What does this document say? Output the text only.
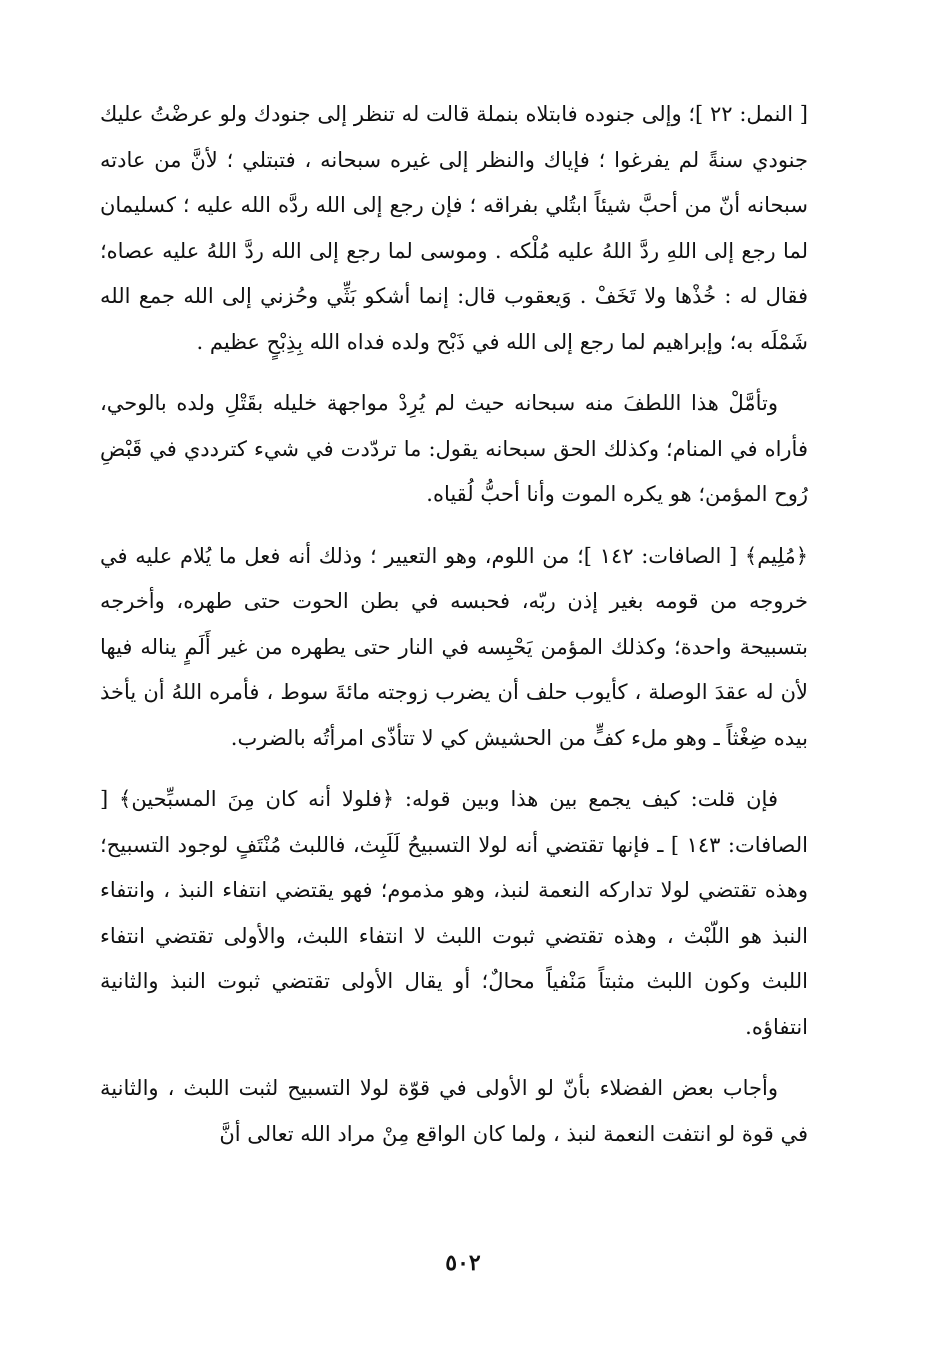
[ النمل: ٢٢ ]؛ وإلى جنوده فابتلاه بنملة قالت له تنظر إلى جنودك ولو عرضْتُ عليك جنودي سنةً لم يفرغوا ؛ فإياك والنظر إلى غيره سبحانه ، فتبتلي ؛ لأنَّ من عادته سبحانه أنّ من أحبَّ شيئاً ابتُلي بفراقه ؛ فإن رجع إلى الله ردَّه الله عليه ؛ كسليمان لما رجع إلى اللهِ ردَّ اللهُ عليه مُلْكه . وموسى لما رجع إلى الله ردَّ اللهُ عليه عصاه؛ فقال له : خُذْها ولا تَخَفْ . وَيعقوب قال: إنما أشكو بَثِّي وحُزني إلى الله جمع الله شَمْلَه به؛ وإبراهيم لما رجع إلى الله في ذَبْح ولده فداه الله بِذِبْحٍ عظيم .

وتأمَّلْ هذا اللطفَ منه سبحانه حيث لم يُرِدْ مواجهة خليله بقَتْلِ ولده بالوحي، فأراه في المنام؛ وكذلك الحق سبحانه يقول: ما تردّدت في شيء كترددي في قَبْضِ رُوح المؤمن؛ هو يكره الموت وأنا أحبُّ لُقياه.

﴿مُلِيم﴾ [ الصافات: ١٤٢ ]؛ من اللوم، وهو التعيير ؛ وذلك أنه فعل ما يُلام عليه في خروجه من قومه بغير إذن ربّه، فحبسه في بطن الحوت حتى طهره، وأخرجه بتسبيحة واحدة؛ وكذلك المؤمن يَحْبِسه في النار حتى يطهره من غير أَلَمٍ يناله فيها لأن له عقدَ الوصلة ، كأيوب حلف أن يضرب زوجته مائةَ سوط ، فأمره اللهُ أن يأخذ بيده ضِغْثاً ـ وهو ملء كفٍّ من الحشيش كي لا تتأذّى امرأتُه بالضرب.

فإن قلت: كيف يجمع بين هذا وبين قوله: ﴿فلولا أنه كان مِنَ المسبِّحين﴾ [ الصافات: ١٤٣ ] ـ فإنها تقتضي أنه لولا التسبيحُ لَلَبِث، فاللبث مُنْتَفٍ لوجود التسبيح؛ وهذه تقتضي لولا تداركه النعمة لنبذ، وهو مذموم؛ فهو يقتضي انتفاء النبذ ، وانتفاء النبذ هو اللّبْث ، وهذه تقتضي ثبوت اللبث لا انتفاء اللبث، والأولى تقتضي انتفاء اللبث وكون اللبث مثبتاً مَنْفياً محالٌ؛ أو يقال الأولى تقتضي ثبوت النبذ والثانية انتفاؤه.

وأجاب بعض الفضلاء بأنّ لو الأولى في قوّة لولا التسبيح لثبت اللبث ، والثانية في قوة لو انتفت النعمة لنبذ ، ولما كان الواقع مِنْ مراد الله تعالى أنَّ

٥٠٢
